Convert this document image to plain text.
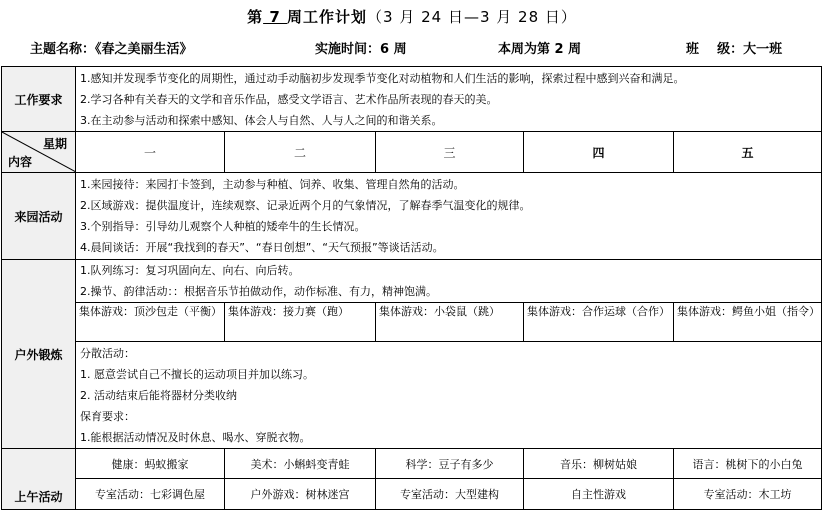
第 7 周工作计划（3 月 24 日—3 月 28 日）
主题名称：《春之美丽生活》	实施时间：6 周	本周为第 2 周	班    级：大一班
工作要求	1.感知并发现季节变化的周期性，通过动手动脑初步发现季节变化对动植物和人们生活的影响，探索过程中感到兴奋和满足。
2.学习各种有关春天的文学和音乐作品，感受文学语言、艺术作品所表现的春天的美。
3.在主动参与活动和探索中感知、体会人与自然、人与人之间的和谐关系。				

星期
内容	一	二	三	四	五
来园活动	1.来园接待：来园打卡签到，主动参与种植、饲养、收集、管理自然角的活动。
2.区域游戏：提供温度计，连续观察、记录近两个月的气象情况，了解春季气温变化的规律。
3.个别指导：引导幼儿观察个人种植的矮牵牛的生长情况。
4.晨间谈话：开展“我找到的春天”、“春日创想”、“天气预报”等谈话活动。				

户外锻炼	1.队列练习：复习巩固向左、向右、向后转。
2.操节、韵律活动：：根据音乐节拍做动作，动作标准、有力，精神饱满。				

	集体游戏：顶沙包走（平衡）	集体游戏：接力赛（跑）	集体游戏：小袋鼠（跳）	集体游戏：合作运球（合作）	集体游戏：鳄鱼小姐（指令）

	分散活动：
1. 愿意尝试自己不擅长的运动项目并加以练习。
2. 活动结束后能将器材分类收纳
保育要求：
1.能根据活动情况及时休息、喝水、穿脱衣物。				

上午活动	健康：蚂蚁搬家	美术：小蝌蚪变青蛙	科学：豆子有多少	音乐：柳树姑娘	语言：桃树下的小白兔
	专室活动：七彩调色屋	户外游戏：树林迷宫	专室活动：大型建构	自主性游戏	专室活动：木工坊
